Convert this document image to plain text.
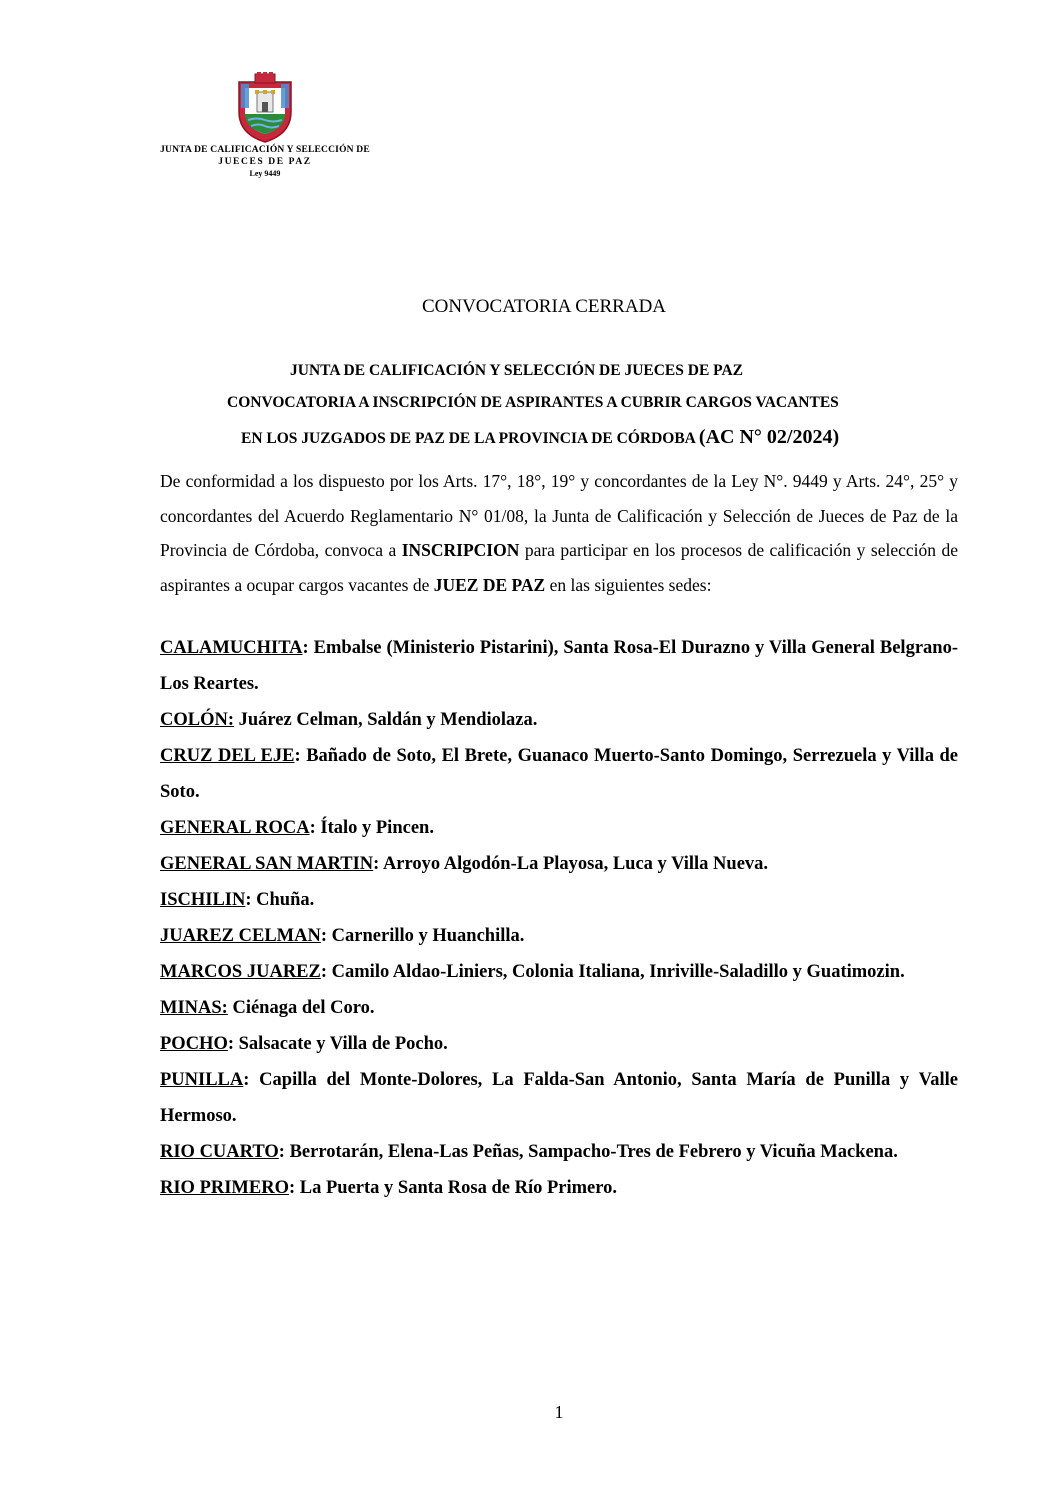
JUNTA DE CALIFICACIÓN Y SELECCIÓN DE
JUECES DE PAZ
Ley 9449
CONVOCATORIA CERRADA
JUNTA DE CALIFICACIÓN Y SELECCIÓN DE JUECES DE PAZ
CONVOCATORIA A INSCRIPCIÓN DE ASPIRANTES A CUBRIR CARGOS VACANTES
EN LOS JUZGADOS DE PAZ DE LA PROVINCIA DE CÓRDOBA (AC N° 02/2024)
De conformidad a los dispuesto por los Arts. 17°, 18°, 19° y concordantes de la Ley N°. 9449 y Arts. 24°, 25° y concordantes del Acuerdo Reglamentario N° 01/08, la Junta de Calificación y Selección de Jueces de Paz de la Provincia de Córdoba, convoca a INSCRIPCION para participar en los procesos de calificación y selección de aspirantes a ocupar cargos vacantes de JUEZ DE PAZ en las siguientes sedes:
CALAMUCHITA: Embalse (Ministerio Pistarini), Santa Rosa-El Durazno y Villa General Belgrano-Los Reartes.
COLÓN: Juárez Celman, Saldán y Mendiolaza.
CRUZ DEL EJE: Bañado de Soto, El Brete, Guanaco Muerto-Santo Domingo, Serrezuela y Villa de Soto.
GENERAL ROCA: Ítalo y Pincen.
GENERAL SAN MARTIN: Arroyo Algodón-La Playosa, Luca y Villa Nueva.
ISCHILIN: Chuña.
JUAREZ CELMAN: Carnerillo y Huanchilla.
MARCOS JUAREZ: Camilo Aldao-Liniers, Colonia Italiana, Inriville-Saladillo y Guatimozin.
MINAS: Ciénaga del Coro.
POCHO: Salsacate y Villa de Pocho.
PUNILLA: Capilla del Monte-Dolores, La Falda-San Antonio, Santa María de Punilla y Valle Hermoso.
RIO CUARTO: Berrotarán, Elena-Las Peñas, Sampacho-Tres de Febrero y Vicuña Mackena.
RIO PRIMERO: La Puerta y Santa Rosa de Río Primero.
1
